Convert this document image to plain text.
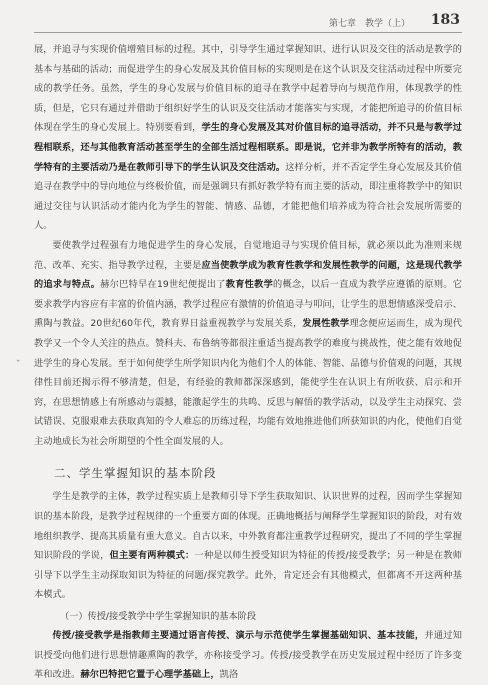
第七章　教学（上） 183
ˇ

展，并追寻与实现价值增殖目标的过程。其中，引导学生通过掌握知识、进行认识及交往的活动是教学的基本与基础的活动；而促进学生的身心发展及其价值目标的实现则是在这个认识及交往活动过程中所要完成的教学任务。虽然，学生的身心发展与价值目标的追寻在教学中起着导向与规范作用，体现教学的性质，但是，它只有通过并借助于组织好学生的认识及交往活动才能落实与实现，才能把所追寻的价值目标体现在学生的身心发展上。特别要看到，学生的身心发展及其对价值目标的追寻活动，并不只是与教学过程相联系，还与其他教育活动甚至学生的全部生活过程相联系。即是说，它并非为教学所特有的活动，教学特有的主要活动乃是在教师引导下的学生认识及交往活动。这样分析，并不否定学生身心发展及其价值追寻在教学中的导向地位与终极价值，而是强调只有抓好教学特有而主要的活动，即注重将教学中的知识通过交往与认识活动才能内化为学生的智能、情感、品德，才能把他们培养成为符合社会发展所需要的人。

要使教学过程强有力地促进学生的身心发展，自觉地追寻与实现价值目标，就必须以此为准则来规范、改革、充实、指导教学过程，主要是应当使教学成为教育性教学和发展性教学的问题，这是现代教学的追求与特点。赫尔巴特早在19世纪便提出了教育性教学的概念，以后一直成为教学应遵循的原则。它要求教学内容应有丰富的价值内涵，教学过程应有激情的价值追寻与叩问，让学生的思想情感深受启示、熏陶与教益。20世纪60年代，教育界日益重视教学与发展关系，发展性教学理念便应运而生，成为现代教学又一个令人关注的热点。赞科夫、布鲁纳等都很注重适当提高教学的难度与挑战性，使之能有效地促进学生的身心发展。至于如何使学生所学知识内化为他们个人的体能、智能、品德与价值观的问题，其规律性目前还揭示得不够清楚，但是，有经验的教师都深深感到，能使学生在认识上有所收获、启示和开窍，在思想情感上有所感动与震撼，能激起学生的共鸣、反思与解悟的教学活动，以及学生主动探究、尝试错误、克服艰难去获取真知的令人难忘的历练过程，均能有效地推进他们所获知识的内化，使他们自觉主动地成长为社会所期望的个性全面发展的人。

二、学生掌握知识的基本阶段

学生是教学的主体，教学过程实质上是教师引导下学生获取知识、认识世界的过程，因而学生掌握知识的基本阶段，是教学过程规律的一个重要方面的体现。正确地概括与阐释学生掌握知识的阶段，对有效地组织教学、提高其质量有重大意义。自古以来，中外教育都注重教学过程研究，提出了不同的学生掌握知识阶段的学说，但主要有两种模式：一种是以师生授受知识为特征的传授/接受教学；另一种是在教师引导下以学生主动探取知识为特征的问题/探究教学。此外，肯定还会有其他模式，但都离不开这两种基本模式。

（一）传授/接受教学中学生掌握知识的基本阶段

传授/接受教学是指教师主要通过语言传授、演示与示范使学生掌握基础知识、基本技能，并通过知识授受向他们进行思想情趣熏陶的教学，亦称接受学习。传授/接受教学在历史发展过程中经历了许多变革和改进。赫尔巴特把它置于心理学基础上，凯洛
